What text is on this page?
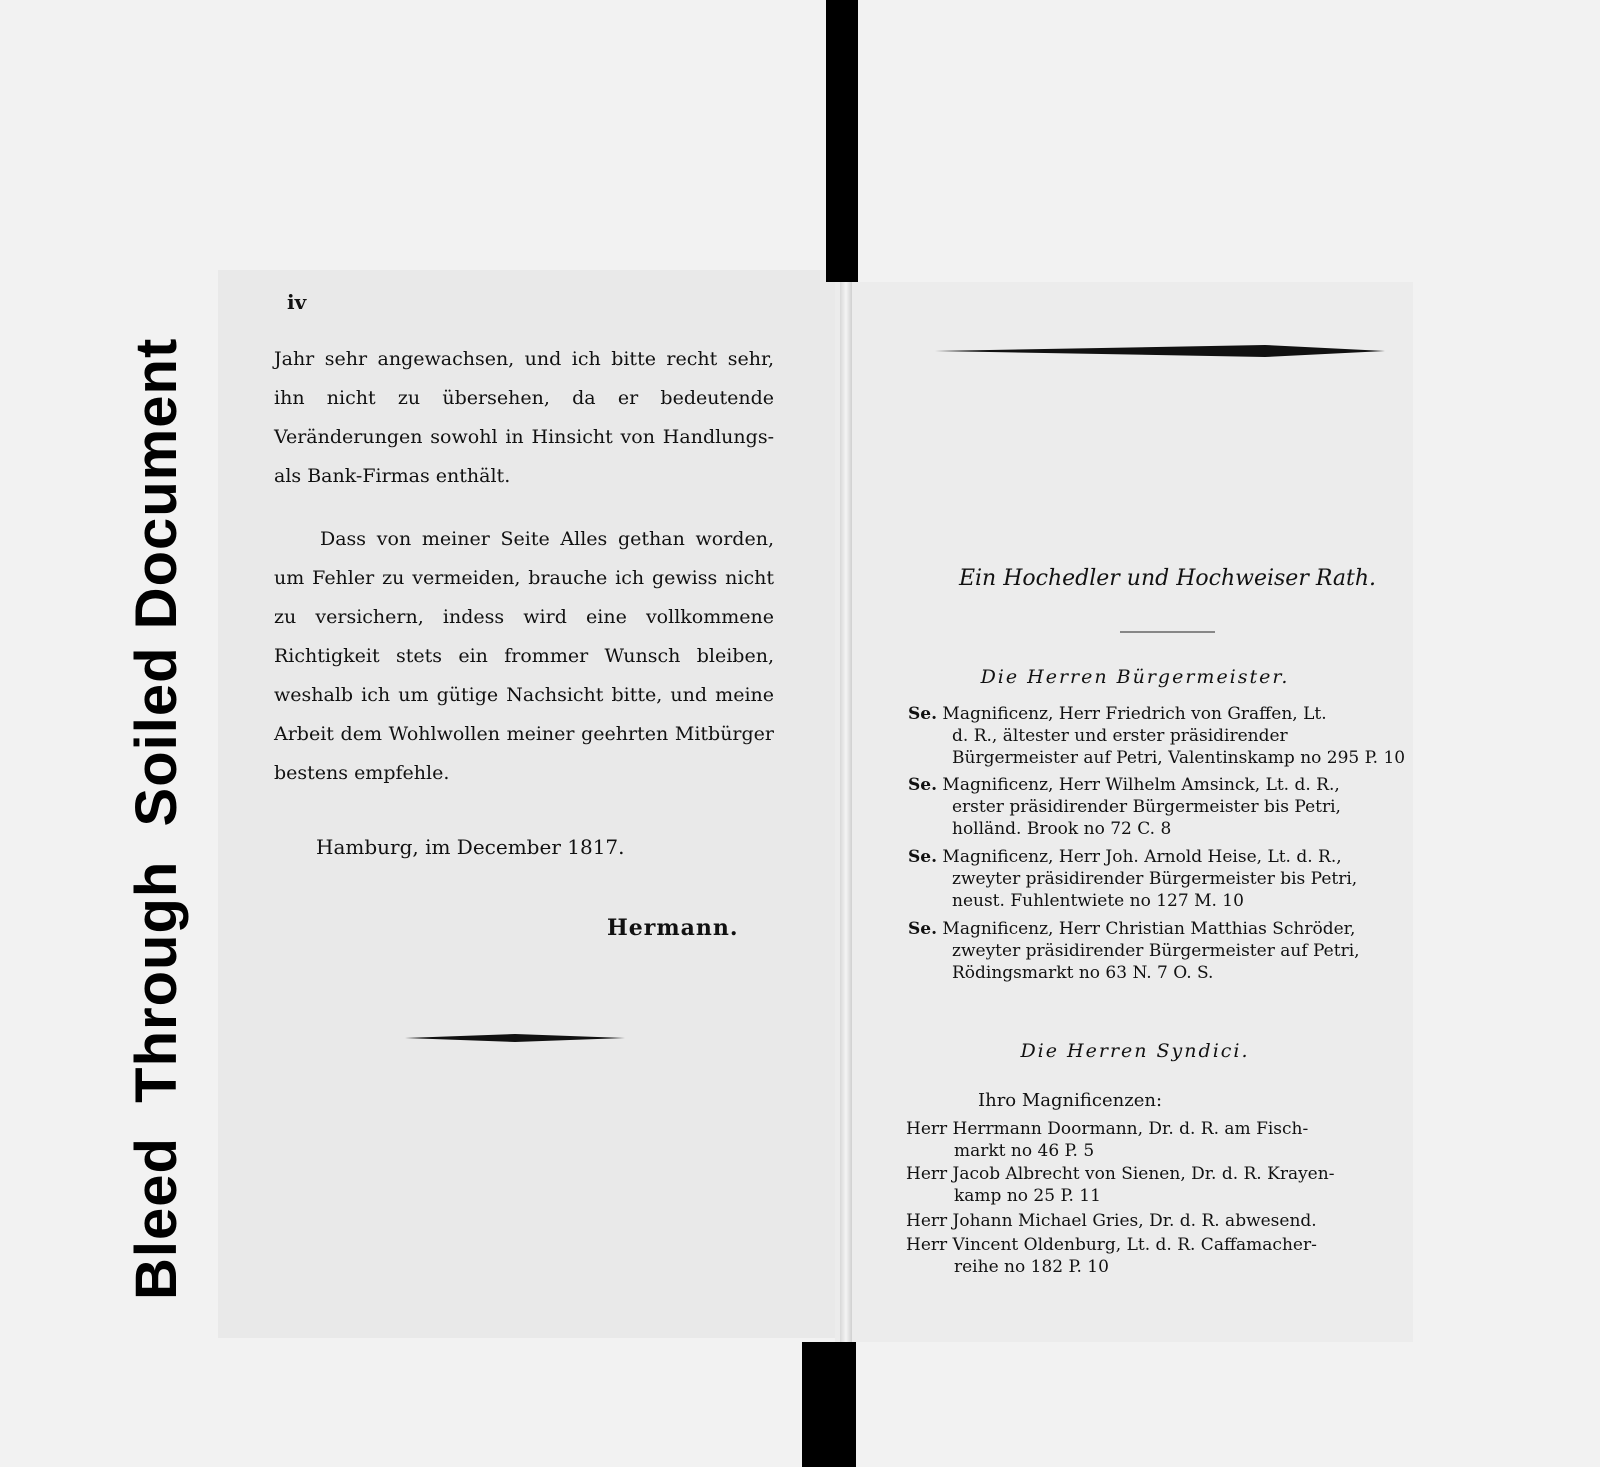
Bleed  Through  Soiled Document
iv

Jahr sehr angewachsen, und ich bitte recht sehr, ihn nicht zu übersehen, da er bedeutende Veränderungen sowohl in Hinsicht von Handlungs- als Bank-Firmas enthält.

Dass von meiner Seite Alles gethan worden, um Fehler zu vermeiden, brauche ich gewiss nicht zu versichern, indess wird eine vollkommene Richtigkeit stets ein frommer Wunsch bleiben, weshalb ich um gütige Nachsicht bitte, und meine Arbeit dem Wohlwollen meiner geehrten Mitbürger bestens empfehle.

Hamburg, im December 1817.
Hermann.
Ein Hochedler und Hochweiser Rath.
Die Herren Bürgermeister.
Se. Magnificenz, Herr Friedrich von Graffen, Lt.
d. R., ältester und erster präsidirender Bürgermeister auf Petri, Valentinskamp no 295 P. 10
Se. Magnificenz, Herr Wilhelm Amsinck, Lt. d. R.,
erster präsidirender Bürgermeister bis Petri, holländ. Brook no 72 C. 8
Se. Magnificenz, Herr Joh. Arnold Heise, Lt. d. R.,
zweyter präsidirender Bürgermeister bis Petri, neust. Fuhlentwiete no 127 M. 10
Se. Magnificenz, Herr Christian Matthias Schröder,
zweyter präsidirender Bürgermeister auf Petri, Rödingsmarkt no 63 N. 7 O. S.
Die Herren Syndici.
Ihro Magnificenzen:
Herr Herrmann Doormann, Dr. d. R. am Fisch-
markt no 46 P. 5
Herr Jacob Albrecht von Sienen, Dr. d. R. Krayen-
kamp no 25 P. 11
Herr Johann Michael Gries, Dr. d. R. abwesend.
Herr Vincent Oldenburg, Lt. d. R. Caffamacher-
reihe no 182 P. 10
